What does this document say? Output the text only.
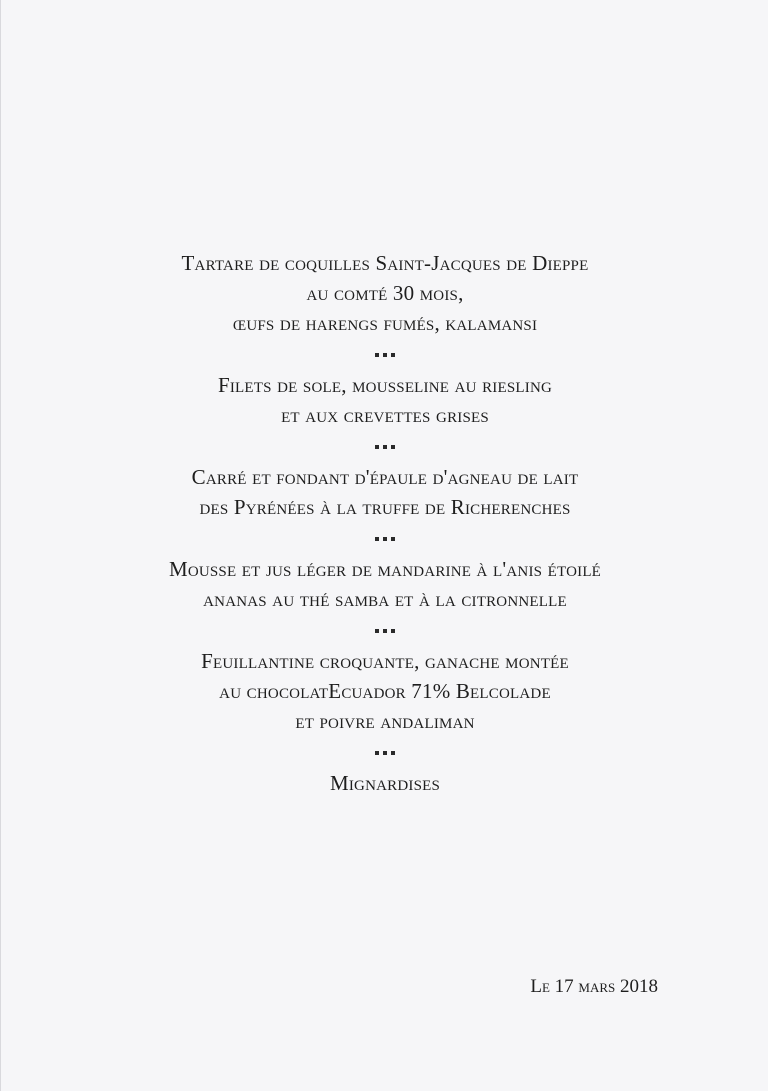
Tartare de coquilles Saint-Jacques de Dieppe
au comté 30 mois,
œufs de harengs fumés, kalamansi
Filets de sole, mousseline au riesling
et aux crevettes grises
Carré et fondant d'épaule d'agneau de lait
des Pyrénées à la truffe de Richerenches
Mousse et jus léger de mandarine à l'anis étoilé
ananas au thé samba et à la citronnelle
Feuillantine croquante, ganache montée
au chocolatEcuador 71% Belcolade
et poivre andaliman
Mignardises
Le 17 mars 2018
